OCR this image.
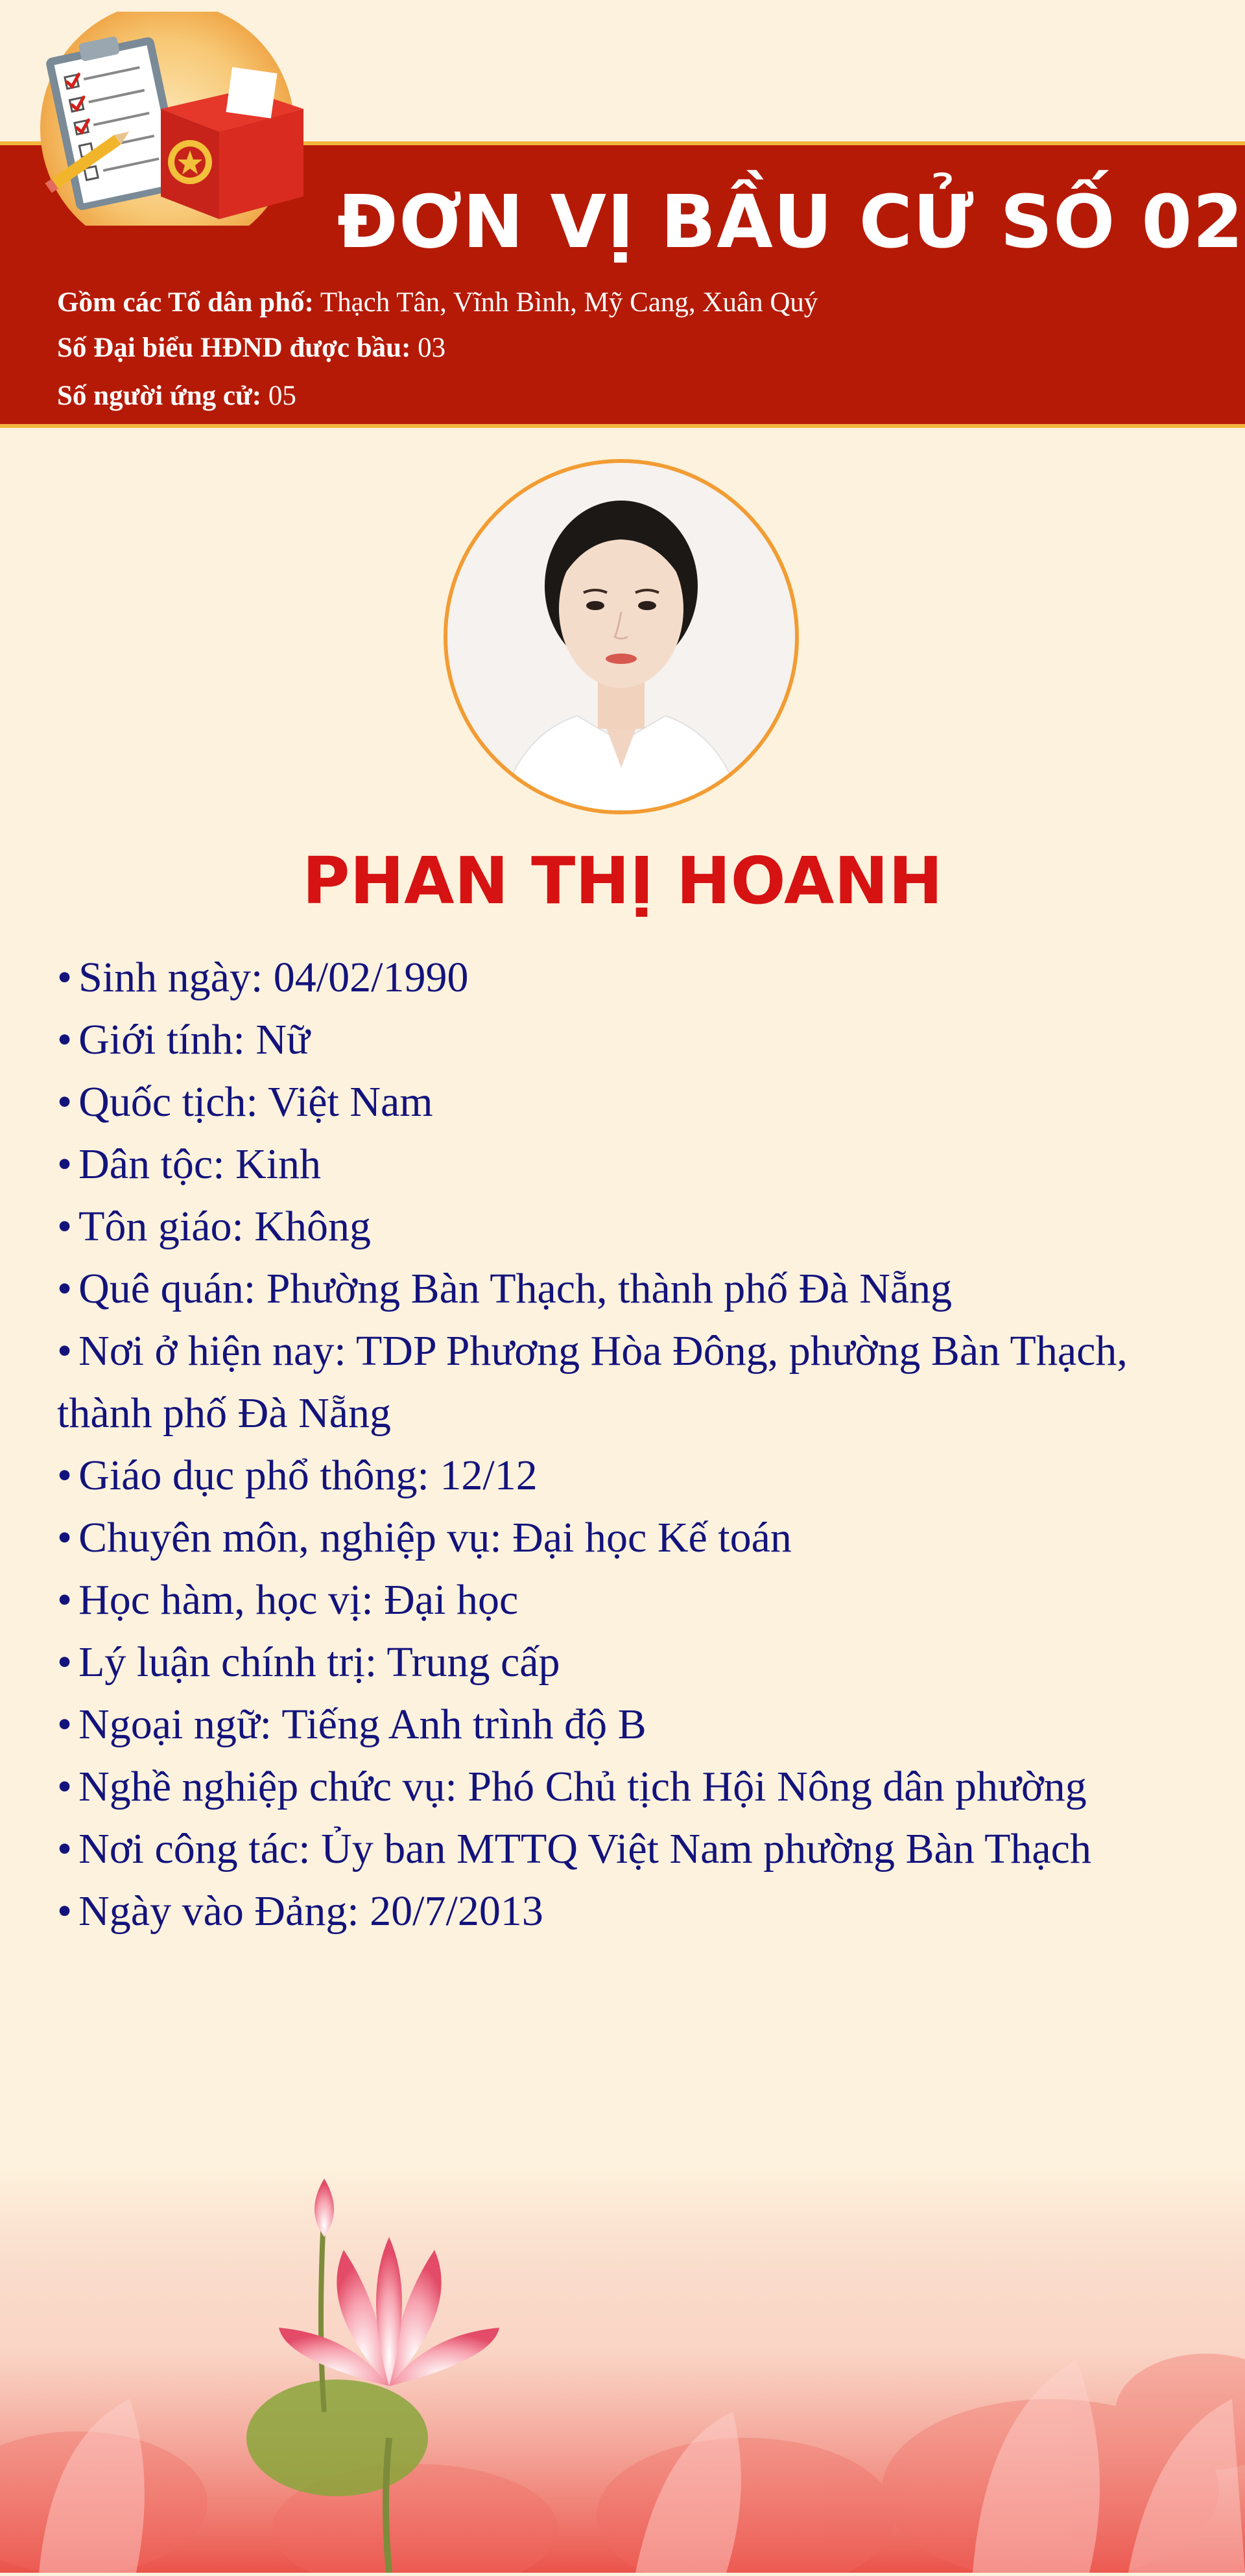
ĐƠN VỊ BẦU CỬ SỐ 02
Gồm các Tổ dân phố: Thạch Tân, Vĩnh Bình, Mỹ Cang, Xuân Quý
Số Đại biểu HĐND được bầu: 03
Số người ứng cử: 05
PHAN THỊ HOANH
• Sinh ngày: 04/02/1990
• Giới tính: Nữ
• Quốc tịch: Việt Nam
• Dân tộc: Kinh
• Tôn giáo: Không
• Quê quán: Phường Bàn Thạch, thành phố Đà Nẵng
• Nơi ở hiện nay: TDP Phương Hòa Đông, phường Bàn Thạch, thành phố Đà Nẵng
• Giáo dục phổ thông: 12/12
• Chuyên môn, nghiệp vụ: Đại học Kế toán
• Học hàm, học vị: Đại học
• Lý luận chính trị: Trung cấp
• Ngoại ngữ: Tiếng Anh trình độ B
• Nghề nghiệp chức vụ: Phó Chủ tịch Hội Nông dân phường
• Nơi công tác: Ủy ban MTTQ Việt Nam phường Bàn Thạch
• Ngày vào Đảng: 20/7/2013
